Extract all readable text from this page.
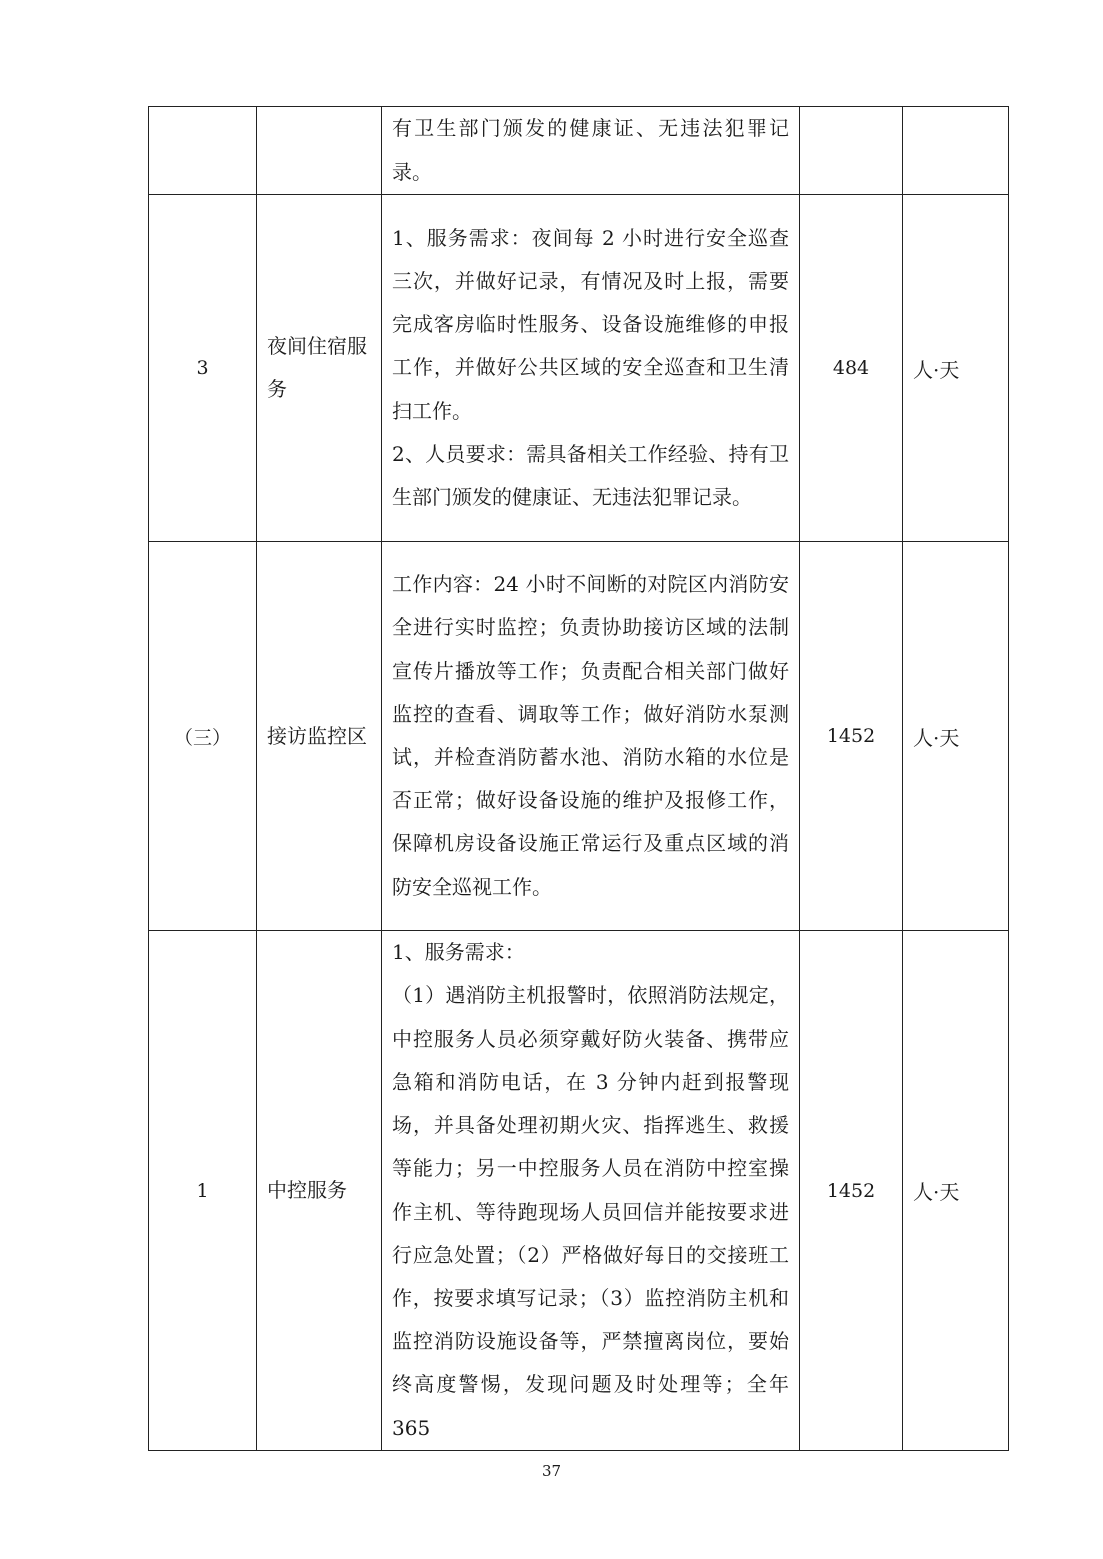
		有卫生部门颁发的健康证、无违法犯罪记录。		

3	夜间住宿服务	1、服务需求：夜间每 2 小时进行安全巡查三次，并做好记录，有情况及时上报，需要完成客房临时性服务、设备设施维修的申报工作，并做好公共区域的安全巡查和卫生清扫工作。
2、人员要求：需具备相关工作经验、持有卫生部门颁发的健康证、无违法犯罪记录。	484	人·天
（三）	接访监控区	工作内容：24 小时不间断的对院区内消防安全进行实时监控；负责协助接访区域的法制宣传片播放等工作；负责配合相关部门做好监控的查看、调取等工作；做好消防水泵测试，并检查消防蓄水池、消防水箱的水位是否正常；做好设备设施的维护及报修工作，保障机房设备设施正常运行及重点区域的消防安全巡视工作。	1452	人·天
1	中控服务	1、服务需求：
（1）遇消防主机报警时，依照消防法规定，中控服务人员必须穿戴好防火装备、携带应急箱和消防电话，在 3 分钟内赶到报警现场，并具备处理初期火灾、指挥逃生、救援等能力；另一中控服务人员在消防中控室操作主机、等待跑现场人员回信并能按要求进行应急处置；（2）严格做好每日的交接班工作，按要求填写记录；（3）监控消防主机和监控消防设施设备等，严禁擅离岗位，要始终高度警惕，发现问题及时处理等；全年 365	1452	人·天
37
